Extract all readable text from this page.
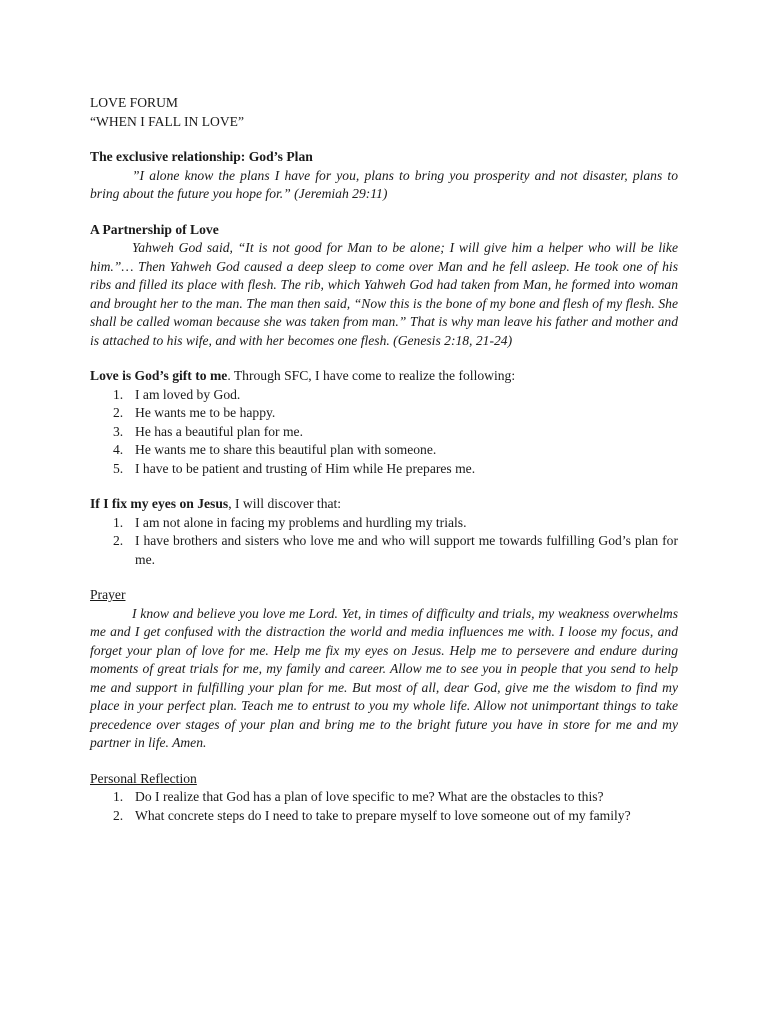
LOVE FORUM

“WHEN I FALL IN LOVE”

The exclusive relationship: God’s Plan

”I alone know the plans I have for you, plans to bring you prosperity and not disaster, plans to bring about the future you hope for.” (Jeremiah 29:11)

A Partnership of Love

Yahweh God said, “It is not good for Man to be alone; I will give him a helper who will be like him.”… Then Yahweh God caused a deep sleep to come over Man and he fell asleep. He took one of his ribs and filled its place with flesh. The rib, which Yahweh God had taken from Man, he formed into woman and brought her to the man. The man then said, “Now this is the bone of my bone and flesh of my flesh. She shall be called woman because she was taken from man.” That is why man leave his father and mother and is attached to his wife, and with her becomes one flesh. (Genesis 2:18, 21-24)

Love is God’s gift to me. Through SFC, I have come to realize the following:

1. I am loved by God.
2. He wants me to be happy.
3. He has a beautiful plan for me.
4. He wants me to share this beautiful plan with someone.
5. I have to be patient and trusting of Him while He prepares me.

If I fix my eyes on Jesus, I will discover that:

1. I am not alone in facing my problems and hurdling my trials.
2. I have brothers and sisters who love me and who will support me towards fulfilling God’s plan for me.

Prayer

I know and believe you love me Lord. Yet, in times of difficulty and trials, my weakness overwhelms me and I get confused with the distraction the world and media influences me with. I loose my focus, and forget your plan of love for me. Help me fix my eyes on Jesus. Help me to persevere and endure during moments of great trials for me, my family and career. Allow me to see you in people that you send to help me and support in fulfilling your plan for me. But most of all, dear God, give me the wisdom to find my place in your perfect plan. Teach me to entrust to you my whole life. Allow not unimportant things to take precedence over stages of your plan and bring me to the bright future you have in store for me and my partner in life. Amen.

Personal Reflection

1. Do I realize that God has a plan of love specific to me? What are the obstacles to this?
2. What concrete steps do I need to take to prepare myself to love someone out of my family?
